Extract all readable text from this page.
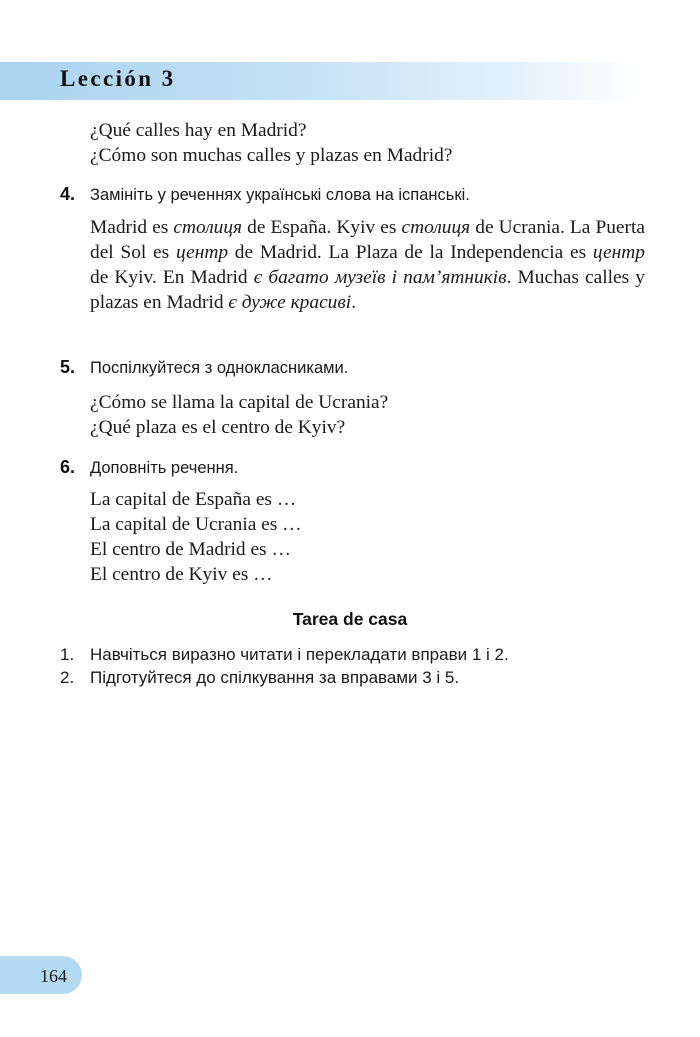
Lección 3
¿Qué calles hay en Madrid?
¿Cómo son muchas calles y plazas en Madrid?
4. Замініть у реченнях українські слова на іспанські.
Madrid es столиця de España. Kyiv es столиця de Ucrania. La Puerta del Sol es центр de Madrid. La Plaza de la Independencia es центр de Kyiv. En Madrid є багато музеїв і пам’ятників. Muchas calles y plazas en Madrid є дуже красиві.
5. Поспілкуйтеся з однокласниками.
¿Cómo se llama la capital de Ucrania?
¿Qué plaza es el centro de Kyiv?
6. Доповніть речення.
La capital de España es …
La capital de Ucrania es …
El centro de Madrid es …
El centro de Kyiv es …
Tarea de casa
1. Навчіться виразно читати і перекладати вправи 1 і 2.
2. Підготуйтеся до спілкування за вправами 3 і 5.
164
